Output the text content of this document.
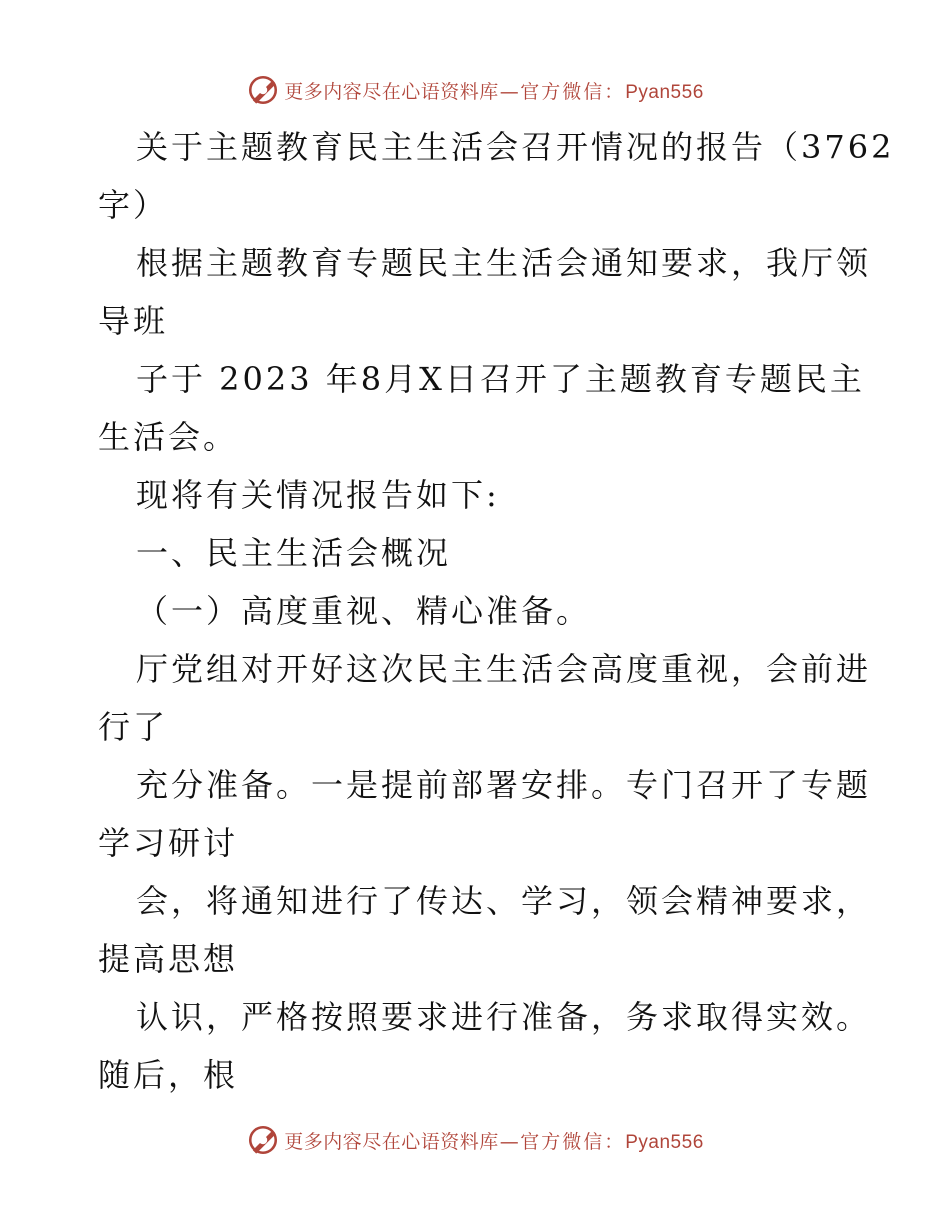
更多内容尽在心语资料库—官方微信：Pyan556
关于主题教育民主生活会召开情况的报告（3762
字）
根据主题教育专题民主生活会通知要求，我厅领
导班
子于 2023 年8月X日召开了主题教育专题民主
生活会。
现将有关情况报告如下:
一、民主生活会概况
（一）高度重视、精心准备。
厅党组对开好这次民主生活会高度重视，会前进
行了
充分准备。一是提前部署安排。专门召开了专题
学习研讨
会，将通知进行了传达、学习，领会精神要求，
提高思想
认识，严格按照要求进行准备，务求取得实效。
随后，根
更多内容尽在心语资料库—官方微信：Pyan556
